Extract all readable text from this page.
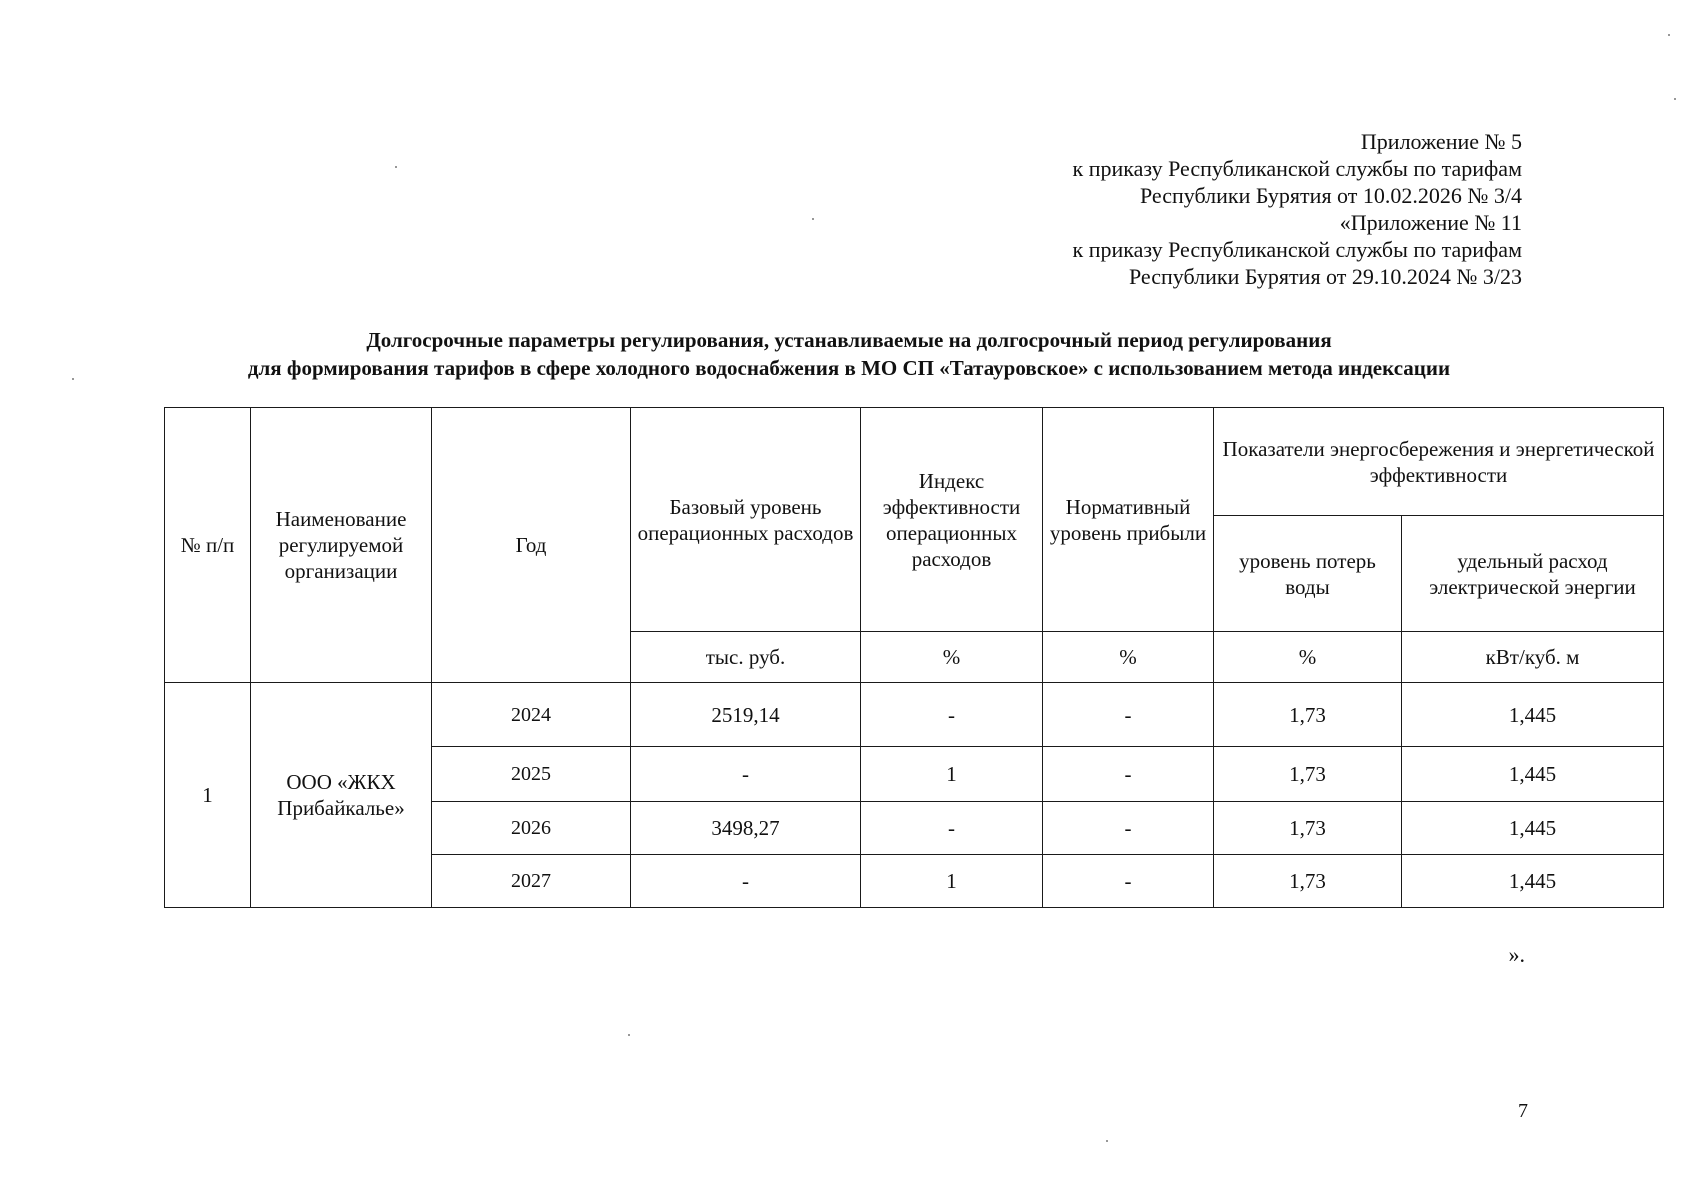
Приложение № 5
к приказу Республиканской службы по тарифам
Республики Бурятия от 10.02.2026 № 3/4
«Приложение № 11
к приказу Республиканской службы по тарифам
Республики Бурятия от 29.10.2024 № 3/23
Долгосрочные параметры регулирования, устанавливаемые на долгосрочный период регулирования
для формирования тарифов в сфере холодного водоснабжения в МО СП «Татауровское» с использованием метода индексации
№ п/п	Наименование регулируемой организации	Год	Базовый уровень операционных расходов	Индекс эффективности операционных расходов	Нормативный уровень прибыли	Показатели энергосбережения и энергетической эффективности	
						уровень потерь воды	удельный расход электрической энергии
			тыс. руб.	%	%	%	кВт/куб. м
1	ООО «ЖКХ Прибайкалье»	2024	2519,14	-	-	1,73	1,445
		2025	-	1	-	1,73	1,445
		2026	3498,27	-	-	1,73	1,445
		2027	-	1	-	1,73	1,445
».
7
